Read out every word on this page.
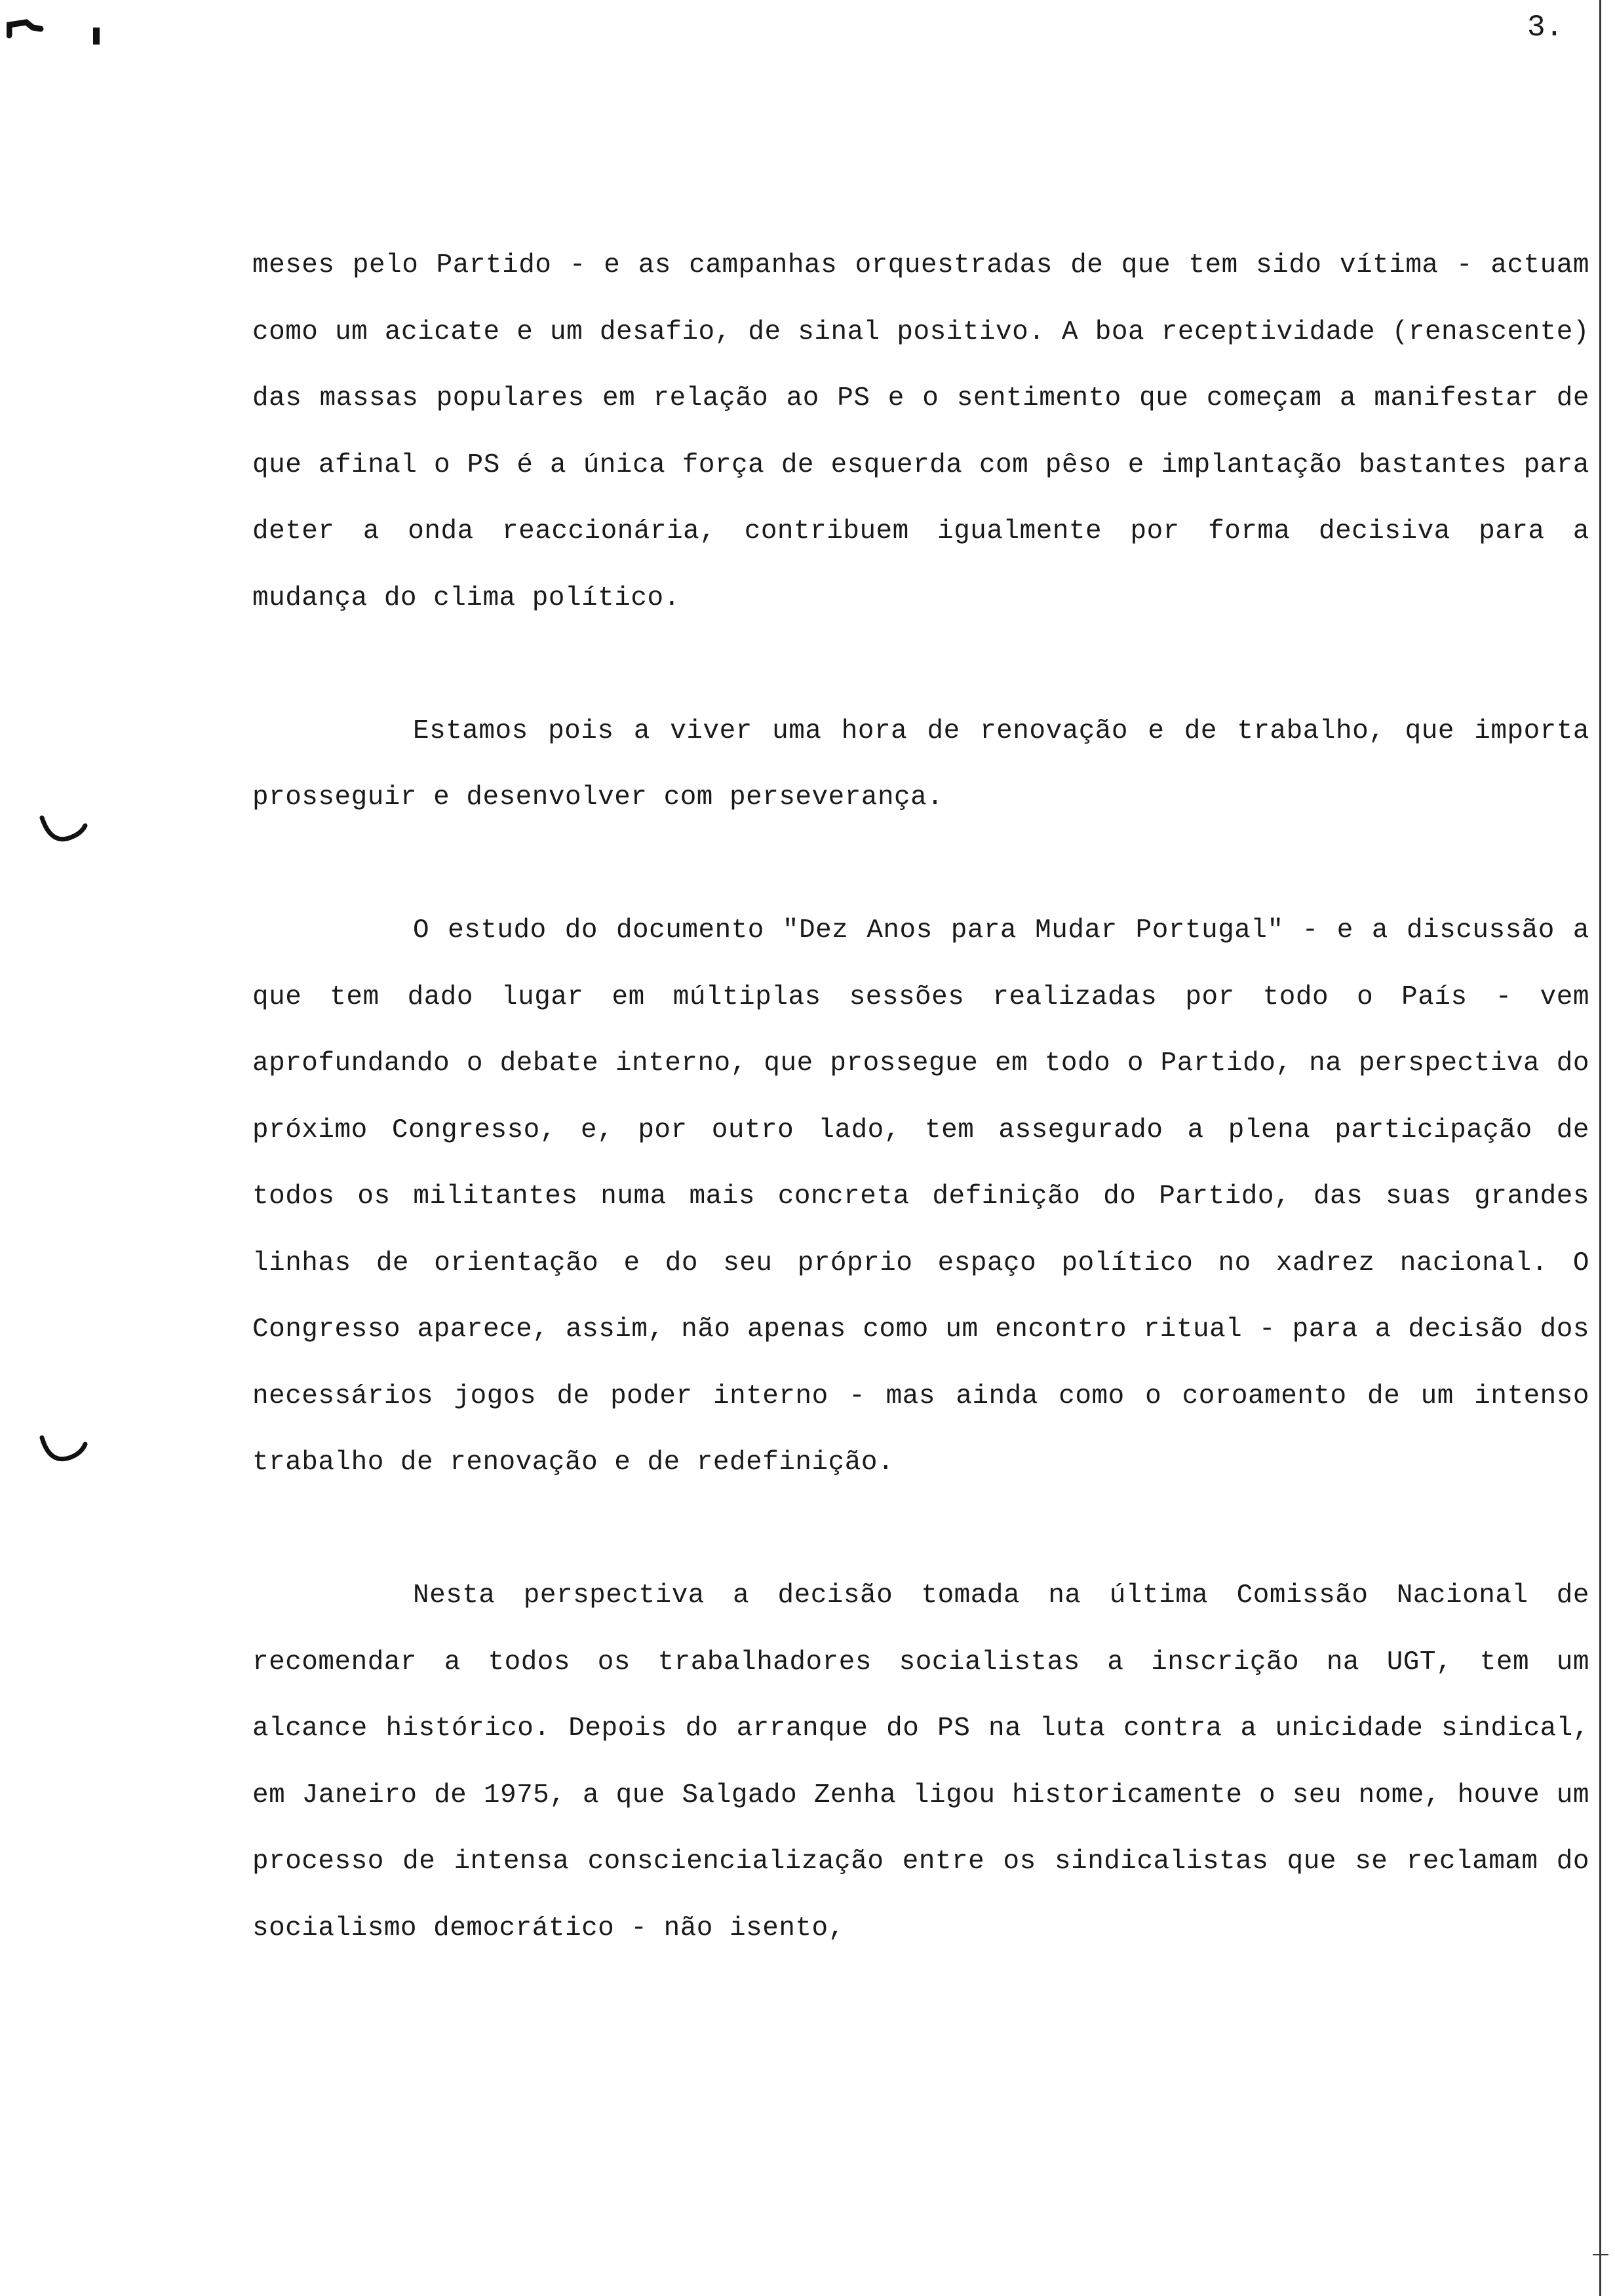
3.

meses pelo Partido - e as campanhas orquestradas de que tem sido vítima - actuam como um acicate e um desafio, de sinal positivo. A boa receptividade (renascente) das massas populares em relação ao PS e o sentimento que começam a manifestar de que afinal o PS é a única força de esquerda com pêso e implantação bastantes para deter a onda reaccionária, contribuem igualmente por forma decisiva para a mudança do clima político.

Estamos pois a viver uma hora de renovação e de trabalho, que importa prosseguir e desenvolver com perseverança.

O estudo do documento "Dez Anos para Mudar Portugal" - e a discussão a que tem dado lugar em múltiplas sessões realizadas por todo o País - vem aprofundando o debate interno, que prossegue em todo o Partido, na perspectiva do próximo Congresso, e, por outro lado, tem assegurado a plena participação de todos os militantes numa mais concreta definição do Partido, das suas grandes linhas de orientação e do seu próprio espaço político no xadrez nacional. O Congresso aparece, assim, não apenas como um encontro ritual - para a decisão dos necessários jogos de poder interno - mas ainda como o coroamento de um intenso trabalho de renovação e de redefinição.

Nesta perspectiva a decisão tomada na última Comissão Nacional de recomendar a todos os trabalhadores socialistas a inscrição na UGT, tem um alcance histórico. Depois do arranque do PS na luta contra a unicidade sindical, em Janeiro de 1975, a que Salgado Zenha ligou historicamente o seu nome, houve um processo de intensa consciencialização entre os sindicalistas que se reclamam do socialismo democrático - não isento,
